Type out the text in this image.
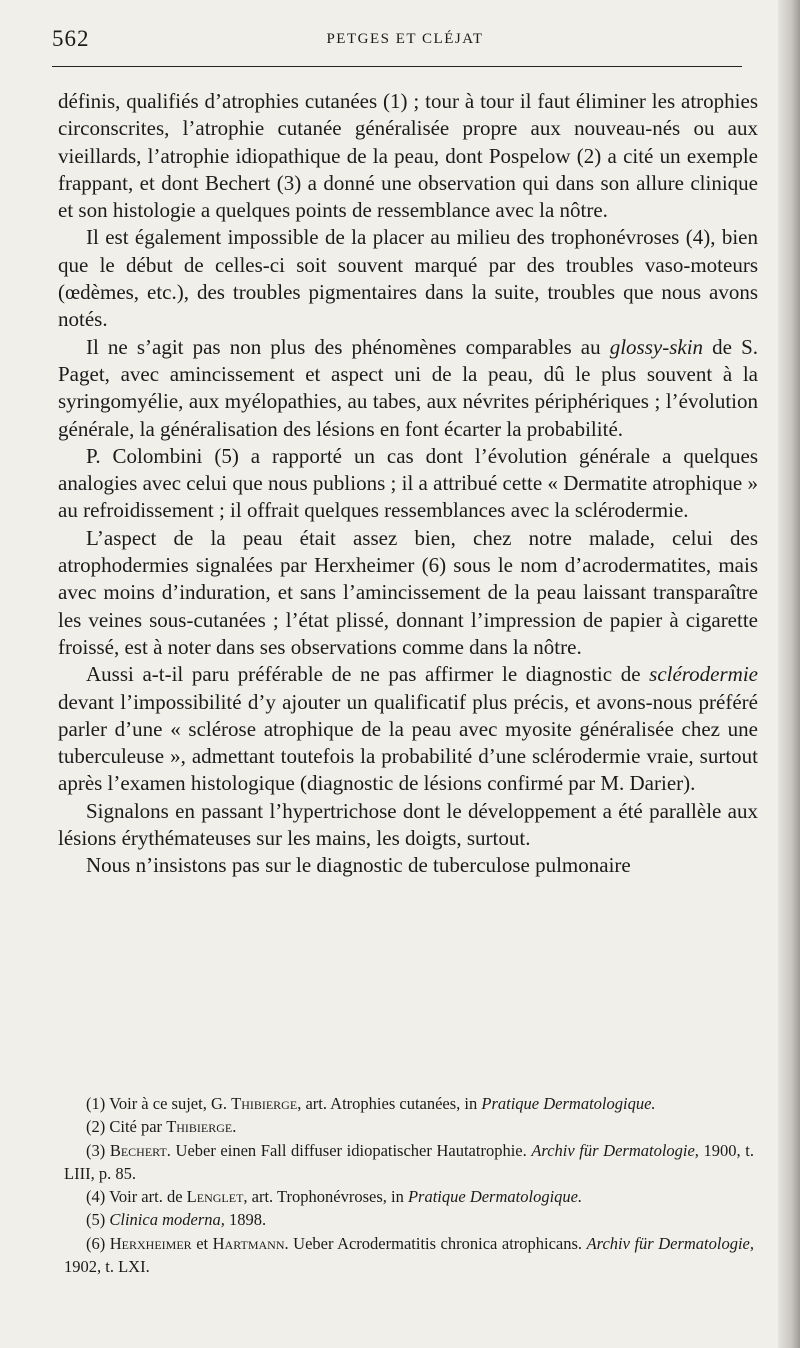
562	PETGES ET CLÉJAT

définis, qualifiés d’atrophies cutanées (1) ; tour à tour il faut éliminer les atrophies circonscrites, l’atrophie cutanée généralisée propre aux nouveau-nés ou aux vieillards, l’atrophie idiopathique de la peau, dont Pospelow (2) a cité un exemple frappant, et dont Bechert (3) a donné une observation qui dans son allure clinique et son histologie a quelques points de ressemblance avec la nôtre.

Il est également impossible de la placer au milieu des trophonévroses (4), bien que le début de celles-ci soit souvent marqué par des troubles vaso-moteurs (œdèmes, etc.), des troubles pigmentaires dans la suite, troubles que nous avons notés.

Il ne s’agit pas non plus des phénomènes comparables au glossy-skin de S. Paget, avec amincissement et aspect uni de la peau, dû le plus souvent à la syringomyélie, aux myélopathies, au tabes, aux névrites périphériques ; l’évolution générale, la généralisation des lésions en font écarter la probabilité.

P. Colombini (5) a rapporté un cas dont l’évolution générale a quelques analogies avec celui que nous publions ; il a attribué cette « Dermatite atrophique » au refroidissement ; il offrait quelques ressemblances avec la sclérodermie.

L’aspect de la peau était assez bien, chez notre malade, celui des atrophodermies signalées par Herxheimer (6) sous le nom d’acrodermatites, mais avec moins d’induration, et sans l’amincissement de la peau laissant transparaître les veines sous-cutanées ; l’état plissé, donnant l’impression de papier à cigarette froissé, est à noter dans ses observations comme dans la nôtre.

Aussi a-t-il paru préférable de ne pas affirmer le diagnostic de sclérodermie devant l’impossibilité d’y ajouter un qualificatif plus précis, et avons-nous préféré parler d’une « sclérose atrophique de la peau avec myosite généralisée chez une tuberculeuse », admettant toutefois la probabilité d’une sclérodermie vraie, surtout après l’examen histologique (diagnostic de lésions confirmé par M. Darier).

Signalons en passant l’hypertrichose dont le développement a été parallèle aux lésions érythémateuses sur les mains, les doigts, surtout.

Nous n’insistons pas sur le diagnostic de tuberculose pulmonaire

(1) Voir à ce sujet, G. Thibierge, art. Atrophies cutanées, in Pratique Dermatologique.

(2) Cité par Thibierge.

(3) Bechert. Ueber einen Fall diffuser idiopatischer Hautatrophie. Archiv für Dermatologie, 1900, t. LIII, p. 85.

(4) Voir art. de Lenglet, art. Trophonévroses, in Pratique Dermatologique.

(5) Clinica moderna, 1898.

(6) Herxheimer et Hartmann. Ueber Acrodermatitis chronica atrophicans. Archiv für Dermatologie, 1902, t. LXI.
